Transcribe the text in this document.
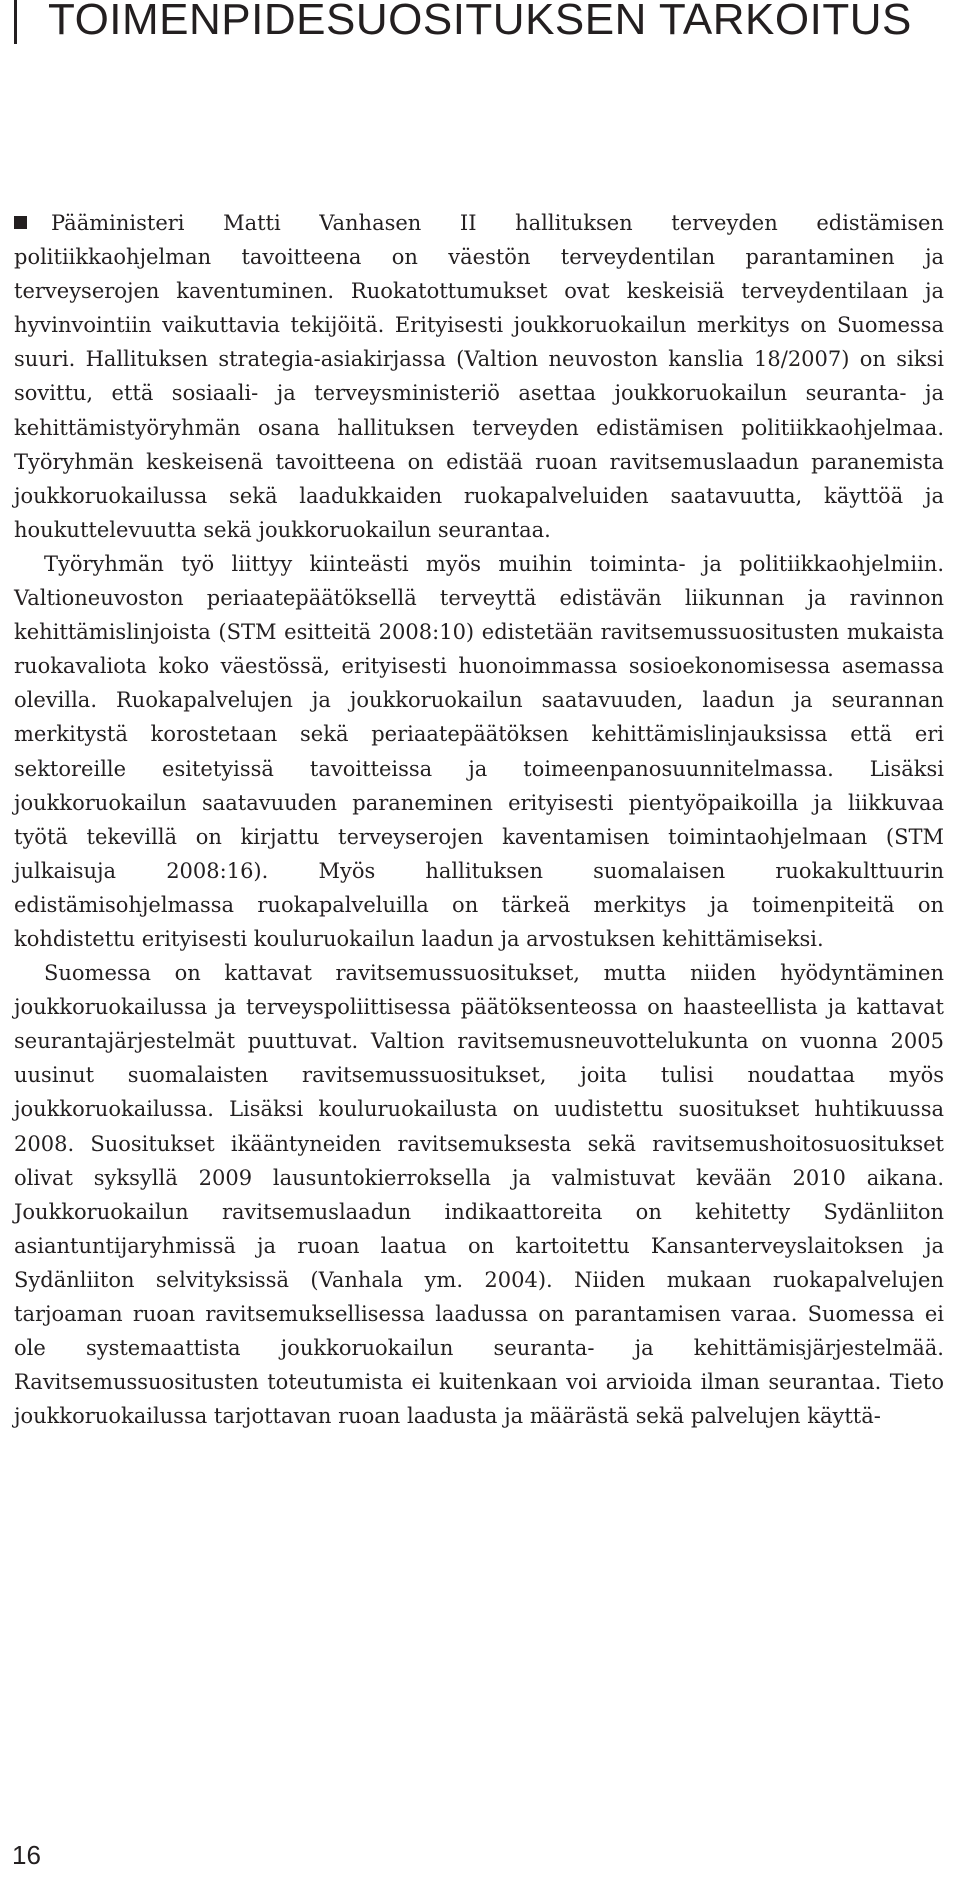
TOIMENPIDESUOSITUKSEN TARKOITUS

Pääministeri Matti Vanhasen II hallituksen terveyden edistämisen politiikkaohjelman tavoitteena on väestön terveydentilan parantaminen ja terveyserojen kaventuminen. Ruokatottumukset ovat keskeisiä terveydentilaan ja hyvinvointiin vaikuttavia tekijöitä. Erityisesti joukkoruokailun merkitys on Suomessa suuri. Hallituksen strategia-asiakirjassa (Valtion neuvoston kanslia 18/2007) on siksi sovittu, että sosiaali- ja terveysministeriö asettaa joukkoruokailun seuranta- ja kehittämistyöryhmän osana hallituksen terveyden edistämisen politiikkaohjelmaa. Työryhmän keskeisenä tavoitteena on edistää ruoan ravitsemuslaadun paranemista joukkoruokailussa sekä laadukkaiden ruokapalveluiden saatavuutta, käyttöä ja houkuttelevuutta sekä joukkoruokailun seurantaa.

Työryhmän työ liittyy kiinteästi myös muihin toiminta- ja politiikkaohjelmiin. Valtioneuvoston periaatepäätöksellä terveyttä edistävän liikunnan ja ravinnon kehittämislinjoista (STM esitteitä 2008:10) edistetään ravitsemussuositusten mukaista ruokavaliota koko väestössä, erityisesti huonoimmassa sosioekonomisessa asemassa olevilla. Ruokapalvelujen ja joukkoruokailun saatavuuden, laadun ja seurannan merkitystä korostetaan sekä periaatepäätöksen kehittämislinjauksissa että eri sektoreille esitetyissä tavoitteissa ja toimeenpanosuunnitelmassa. Lisäksi joukkoruokailun saatavuuden paraneminen erityisesti pientyöpaikoilla ja liikkuvaa työtä tekevillä on kirjattu terveyserojen kaventamisen toimintaohjelmaan (STM julkaisuja 2008:16). Myös hallituksen suomalaisen ruokakulttuurin edistämisohjelmassa ruokapalveluilla on tärkeä merkitys ja toimenpiteitä on kohdistettu erityisesti kouluruokailun laadun ja arvostuksen kehittämiseksi.

Suomessa on kattavat ravitsemussuositukset, mutta niiden hyödyntäminen joukkoruokailussa ja terveyspoliittisessa päätöksenteossa on haasteellista ja kattavat seurantajärjestelmät puuttuvat. Valtion ravitsemusneuvottelukunta on vuonna 2005 uusinut suomalaisten ravitsemussuositukset, joita tulisi noudattaa myös joukkoruokailussa. Lisäksi kouluruokailusta on uudistettu suositukset huhtikuussa 2008. Suositukset ikääntyneiden ravitsemuksesta sekä ravitsemushoitosuositukset olivat syksyllä 2009 lausuntokierroksella ja valmistuvat kevään 2010 aikana. Joukkoruokailun ravitsemuslaadun indikaattoreita on kehitetty Sydänliiton asiantuntijaryhmissä ja ruoan laatua on kartoitettu Kansanterveyslaitoksen ja Sydänliiton selvityksissä (Vanhala ym. 2004). Niiden mukaan ruokapalvelujen tarjoaman ruoan ravitsemuksellisessa laadussa on parantamisen varaa. Suomessa ei ole systemaattista joukkoruokailun seuranta- ja kehittämisjärjestelmää. Ravitsemussuositusten toteutumista ei kuitenkaan voi arvioida ilman seurantaa. Tieto joukkoruokailussa tarjottavan ruoan laadusta ja määrästä sekä palvelujen käyttä-

16
